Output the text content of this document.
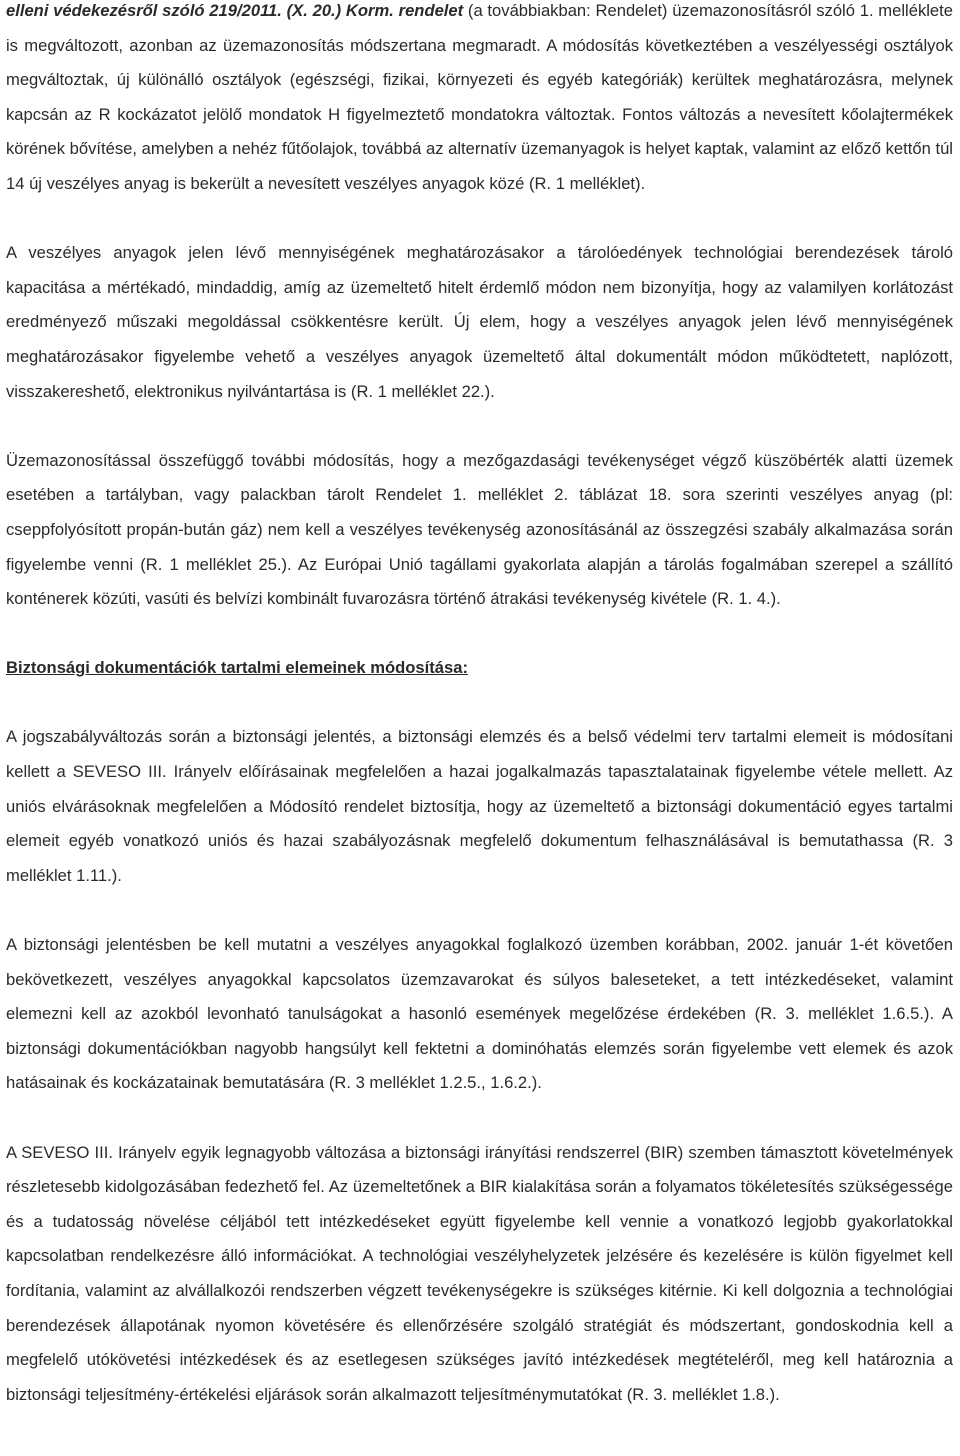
elleni védekezésről szóló 219/2011. (X. 20.) Korm. rendelet (a továbbiakban: Rendelet) üzemazonosításról szóló 1. melléklete is megváltozott, azonban az üzemazonosítás módszertana megmaradt. A módosítás következtében a veszélyességi osztályok megváltoztak, új különálló osztályok (egészségi, fizikai, környezeti és egyéb kategóriák) kerültek meghatározásra, melynek kapcsán az R kockázatot jelölő mondatok H figyelmeztető mondatokra változtak. Fontos változás a nevesített kőolajtermékek körének bővítése, amelyben a nehéz fűtőolajok, továbbá az alternatív üzemanyagok is helyet kaptak, valamint az előző kettőn túl 14 új veszélyes anyag is bekerült a nevesített veszélyes anyagok közé (R. 1 melléklet).

A veszélyes anyagok jelen lévő mennyiségének meghatározásakor a tárolóedények technológiai berendezések tároló kapacitása a mértékadó, mindaddig, amíg az üzemeltető hitelt érdemlő módon nem bizonyítja, hogy az valamilyen korlátozást eredményező műszaki megoldással csökkentésre került. Új elem, hogy a veszélyes anyagok jelen lévő mennyiségének meghatározásakor figyelembe vehető a veszélyes anyagok üzemeltető által dokumentált módon működtetett, naplózott, visszakereshető, elektronikus nyilvántartása is (R. 1 melléklet 22.).

Üzemazonosítással összefüggő további módosítás, hogy a mezőgazdasági tevékenységet végző küszöbérték alatti üzemek esetében a tartályban, vagy palackban tárolt Rendelet 1. melléklet 2. táblázat 18. sora szerinti veszélyes anyag (pl: cseppfolyósított propán-bután gáz) nem kell a veszélyes tevékenység azonosításánál az összegzési szabály alkalmazása során figyelembe venni (R. 1 melléklet 25.). Az Európai Unió tagállami gyakorlata alapján a tárolás fogalmában szerepel a szállító konténerek közúti, vasúti és belvízi kombinált fuvarozásra történő átrakási tevékenység kivétele (R. 1. 4.).

Biztonsági dokumentációk tartalmi elemeinek módosítása:

A jogszabályváltozás során a biztonsági jelentés, a biztonsági elemzés és a belső védelmi terv tartalmi elemeit is módosítani kellett a SEVESO III. Irányelv előírásainak megfelelően a hazai jogalkalmazás tapasztalatainak figyelembe vétele mellett. Az uniós elvárásoknak megfelelően a Módosító rendelet biztosítja, hogy az üzemeltető a biztonsági dokumentáció egyes tartalmi elemeit egyéb vonatkozó uniós és hazai szabályozásnak megfelelő dokumentum felhasználásával is bemutathassa (R. 3 melléklet 1.11.).

A biztonsági jelentésben be kell mutatni a veszélyes anyagokkal foglalkozó üzemben korábban, 2002. január 1-ét követően bekövetkezett, veszélyes anyagokkal kapcsolatos üzemzavarokat és súlyos baleseteket, a tett intézkedéseket, valamint elemezni kell az azokból levonható tanulságokat a hasonló események megelőzése érdekében (R. 3. melléklet 1.6.5.). A biztonsági dokumentációkban nagyobb hangsúlyt kell fektetni a dominóhatás elemzés során figyelembe vett elemek és azok hatásainak és kockázatainak bemutatására (R. 3 melléklet 1.2.5., 1.6.2.).

A SEVESO III. Irányelv egyik legnagyobb változása a biztonsági irányítási rendszerrel (BIR) szemben támasztott követelmények részletesebb kidolgozásában fedezhető fel. Az üzemeltetőnek a BIR kialakítása során a folyamatos tökéletesítés szükségessége és a tudatosság növelése céljából tett intézkedéseket együtt figyelembe kell vennie a vonatkozó legjobb gyakorlatokkal kapcsolatban rendelkezésre álló információkat. A technológiai veszélyhelyzetek jelzésére és kezelésére is külön figyelmet kell fordítania, valamint az alvállalkozói rendszerben végzett tevékenységekre is szükséges kitérnie. Ki kell dolgoznia a technológiai berendezések állapotának nyomon követésére és ellenőrzésére szolgáló stratégiát és módszertant, gondoskodnia kell a megfelelő utókövetési intézkedések és az esetlegesen szükséges javító intézkedések megtételéről, meg kell határoznia a biztonsági teljesítmény-értékelési eljárások során alkalmazott teljesítménymutatókat (R. 3. melléklet 1.8.).
